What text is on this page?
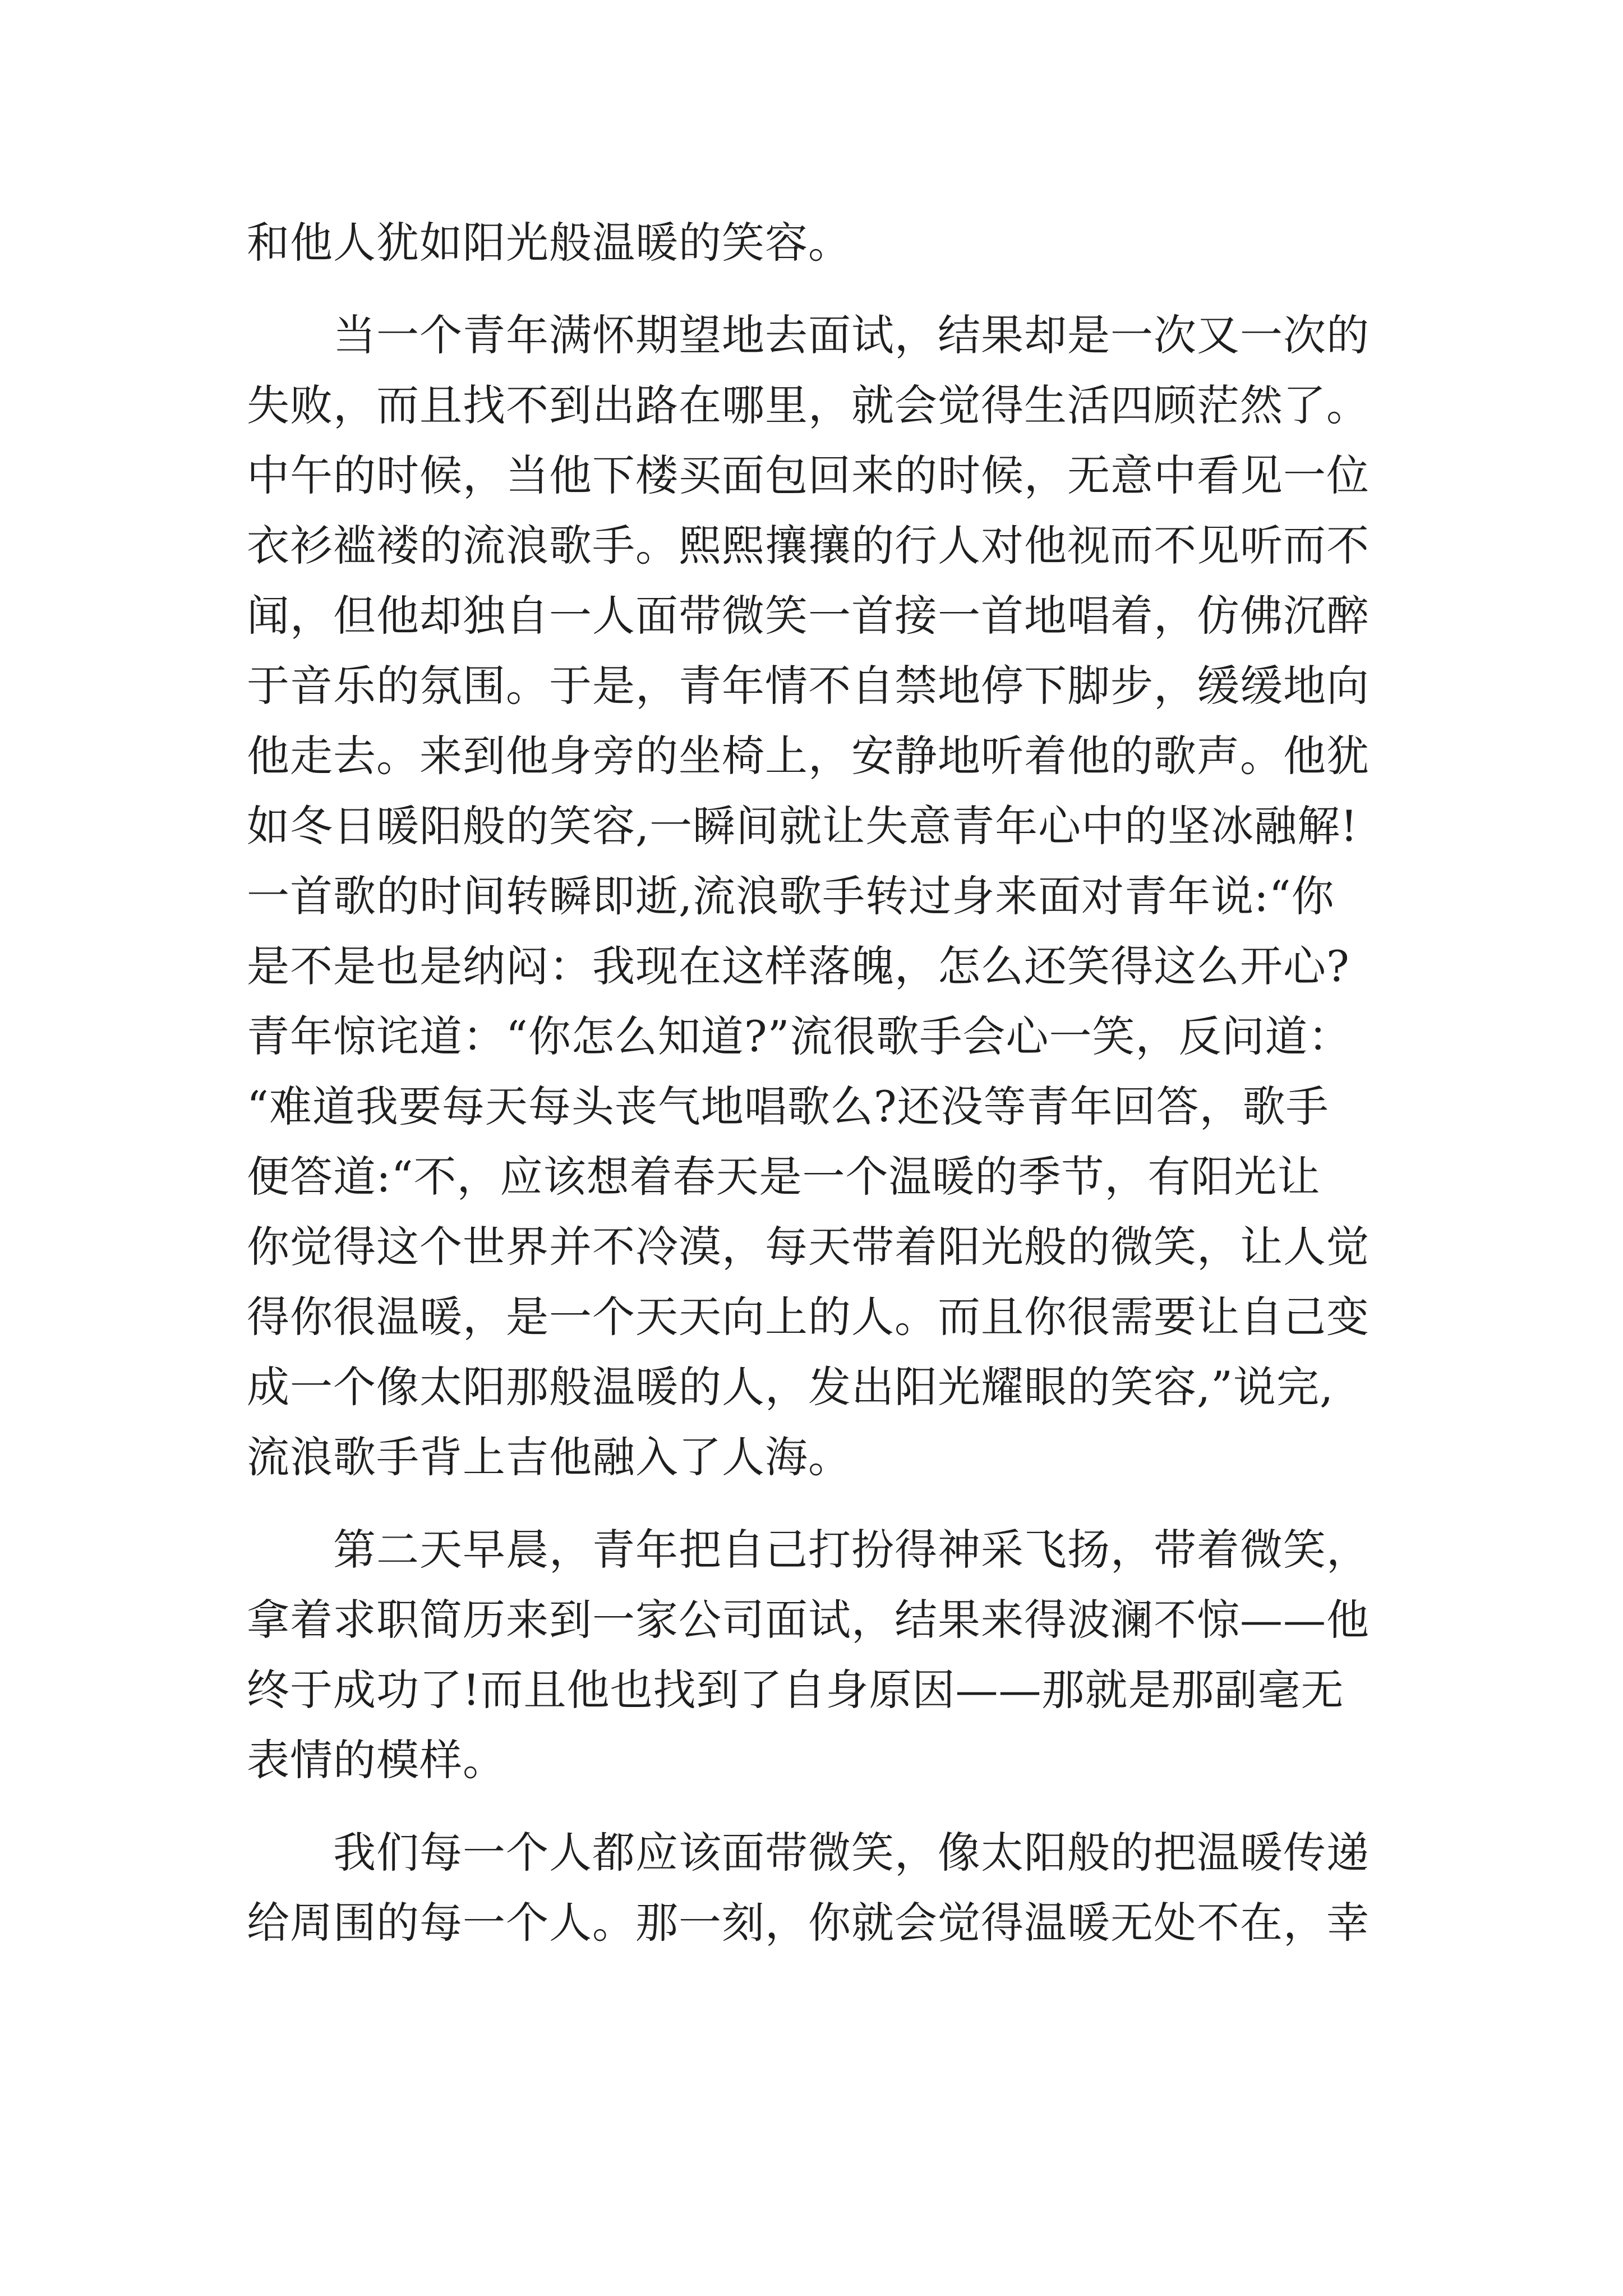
和他人犹如阳光般温暖的笑容。
　　当一个青年满怀期望地去面试，结果却是一次又一次的
失败，而且找不到出路在哪里，就会觉得生活四顾茫然了。
中午的时候，当他下楼买面包回来的时候，无意中看见一位
衣衫褴褛的流浪歌手。熙熙攘攘的行人对他视而不见听而不
闻，但他却独自一人面带微笑一首接一首地唱着，仿佛沉醉
于音乐的氛围。于是，青年情不自禁地停下脚步，缓缓地向
他走去。来到他身旁的坐椅上，安静地听着他的歌声。他犹
如冬日暖阳般的笑容,一瞬间就让失意青年心中的坚冰融解!
一首歌的时间转瞬即逝,流浪歌手转过身来面对青年说:“你
是不是也是纳闷：我现在这样落魄，怎么还笑得这么开心?
青年惊诧道：“你怎么知道?”流很歌手会心一笑，反问道：
“难道我要每天每头丧气地唱歌么?还没等青年回答，歌手
便答道:“不，应该想着春天是一个温暖的季节，有阳光让
你觉得这个世界并不冷漠，每天带着阳光般的微笑，让人觉
得你很温暖，是一个天天向上的人。而且你很需要让自己变
成一个像太阳那般温暖的人，发出阳光耀眼的笑容,”说完,
流浪歌手背上吉他融入了人海。
　　第二天早晨，青年把自己打扮得神采飞扬，带着微笑，
拿着求职简历来到一家公司面试，结果来得波澜不惊——他
终于成功了!而且他也找到了自身原因——那就是那副毫无
表情的模样。
　　我们每一个人都应该面带微笑，像太阳般的把温暖传递
给周围的每一个人。那一刻，你就会觉得温暖无处不在，幸
